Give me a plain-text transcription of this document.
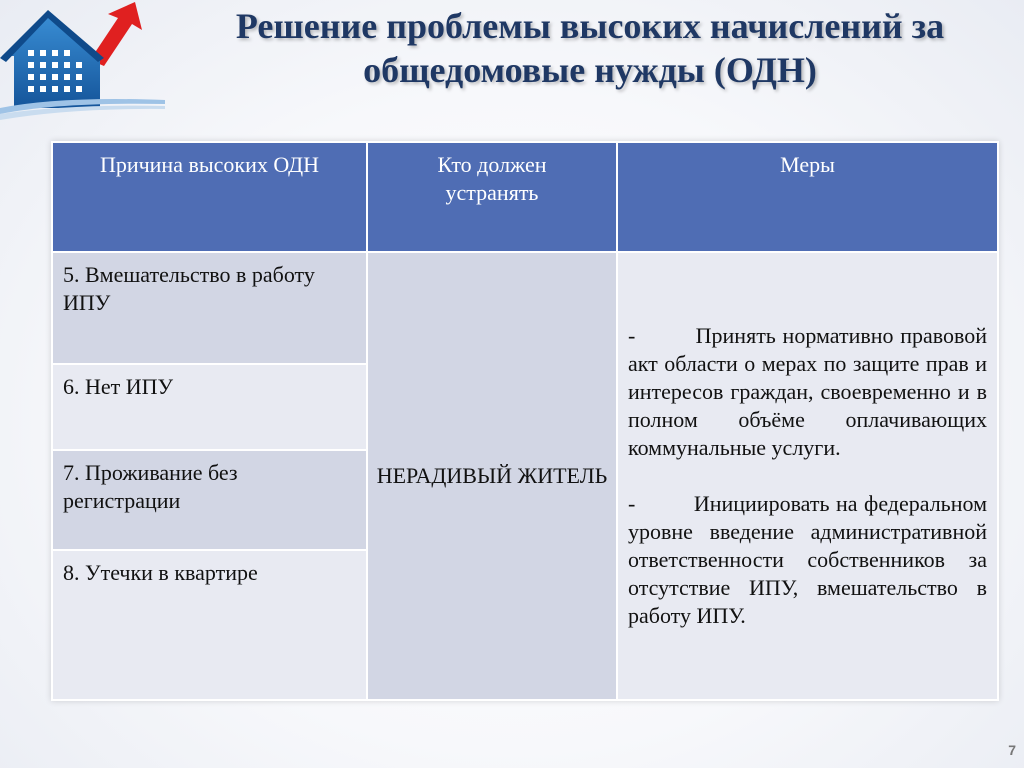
Решение проблемы высоких начислений за
общедомовые нужды (ОДН)
Причина высоких ОДН	Кто должен устранять	Меры
5. Вмешательство в работу ИПУ	НЕРАДИВЫЙ ЖИТЕЛЬ	-         Принять нормативно правовой акт области о мерах по защите прав и интересов граждан, своевременно и в полном объёме оплачивающих коммунальные услуги.

-         Инициировать на федеральном уровне введение административной ответственности собственников за отсутствие ИПУ, вмешательство в работу ИПУ.

6. Нет ИПУ		
7. Проживание без регистрации		
8. Утечки в квартире		
7
